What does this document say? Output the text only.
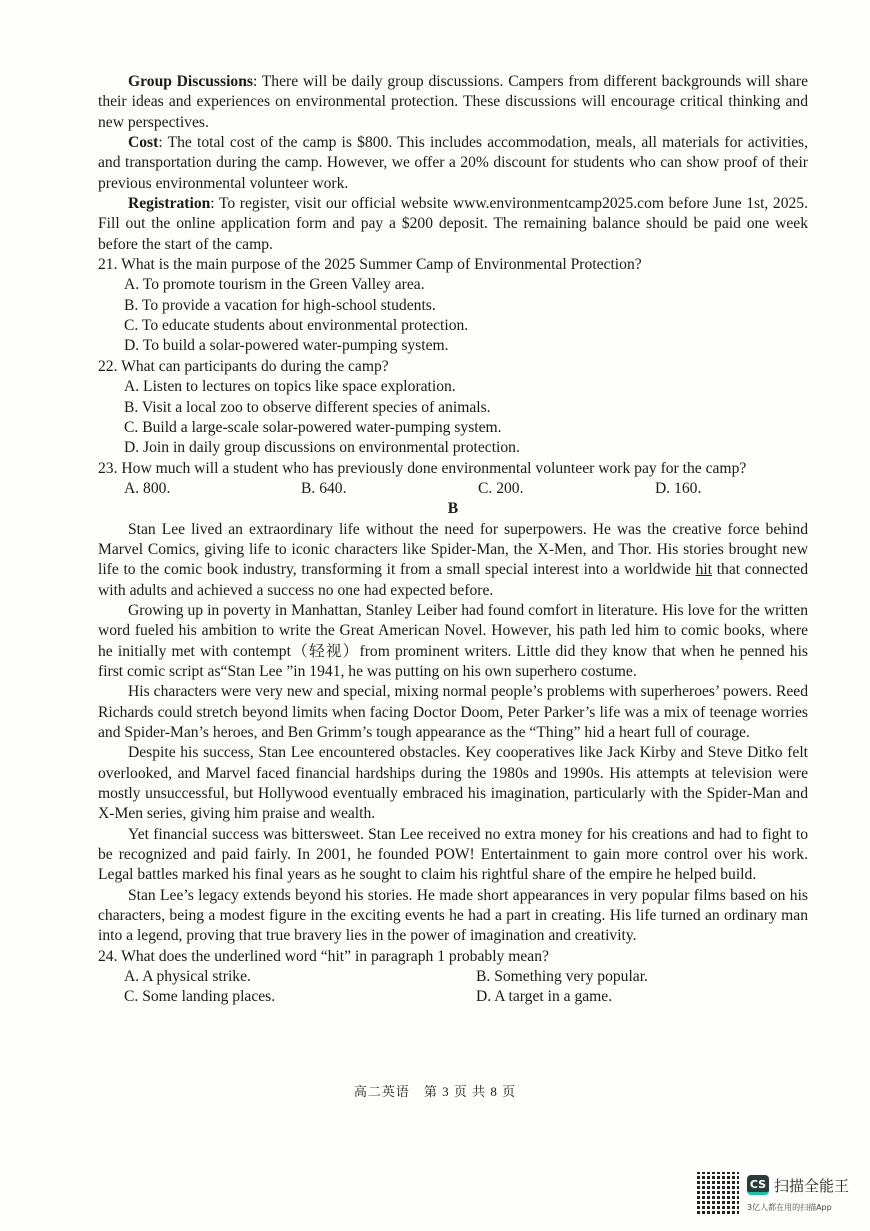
Group Discussions: There will be daily group discussions. Campers from different backgrounds will share their ideas and experiences on environmental protection. These discussions will encourage critical thinking and new perspectives.

Cost: The total cost of the camp is $800. This includes accommodation, meals, all materials for activities, and transportation during the camp. However, we offer a 20% discount for students who can show proof of their previous environmental volunteer work.

Registration: To register, visit our official website www.environmentcamp2025.com before June 1st, 2025. Fill out the online application form and pay a $200 deposit. The remaining balance should be paid one week before the start of the camp.

21. What is the main purpose of the 2025 Summer Camp of Environmental Protection?
A. To promote tourism in the Green Valley area.
B. To provide a vacation for high-school students.
C. To educate students about environmental protection.
D. To build a solar-powered water-pumping system.
22. What can participants do during the camp?
A. Listen to lectures on topics like space exploration.
B. Visit a local zoo to observe different species of animals.
C. Build a large-scale solar-powered water-pumping system.
D. Join in daily group discussions on environmental protection.
23. How much will a student who has previously done environmental volunteer work pay for the camp?
A. 800.	B. 640.	C. 200.	D. 160.
B

Stan Lee lived an extraordinary life without the need for superpowers. He was the creative force behind Marvel Comics, giving life to iconic characters like Spider-Man, the X-Men, and Thor. His stories brought new life to the comic book industry, transforming it from a small special interest into a worldwide hit that connected with adults and achieved a success no one had expected before.

Growing up in poverty in Manhattan, Stanley Leiber had found comfort in literature. His love for the written word fueled his ambition to write the Great American Novel. However, his path led him to comic books, where he initially met with contempt（轻视）from prominent writers. Little did they know that when he penned his first comic script as“Stan Lee ”in 1941, he was putting on his own superhero costume.

His characters were very new and special, mixing normal people’s problems with superheroes’ powers. Reed Richards could stretch beyond limits when facing Doctor Doom, Peter Parker’s life was a mix of teenage worries and Spider-Man’s heroes, and Ben Grimm’s tough appearance as the “Thing” hid a heart full of courage.

Despite his success, Stan Lee encountered obstacles. Key cooperatives like Jack Kirby and Steve Ditko felt overlooked, and Marvel faced financial hardships during the 1980s and 1990s. His attempts at television were mostly unsuccessful, but Hollywood eventually embraced his imagination, particularly with the Spider-Man and X-Men series, giving him praise and wealth.

Yet financial success was bittersweet. Stan Lee received no extra money for his creations and had to fight to be recognized and paid fairly. In 2001, he founded POW! Entertainment to gain more control over his work. Legal battles marked his final years as he sought to claim his rightful share of the empire he helped build.

Stan Lee’s legacy extends beyond his stories. He made short appearances in very popular films based on his characters, being a modest figure in the exciting events he had a part in creating. His life turned an ordinary man into a legend, proving that true bravery lies in the power of imagination and creativity.

24. What does the underlined word “hit” in paragraph 1 probably mean?
A. A physical strike.	B. Something very popular.
C. Some landing places.	D. A target in a game.
高二英语　第 3 页 共 8 页
CS 扫描全能王
3亿人都在用的扫描App
